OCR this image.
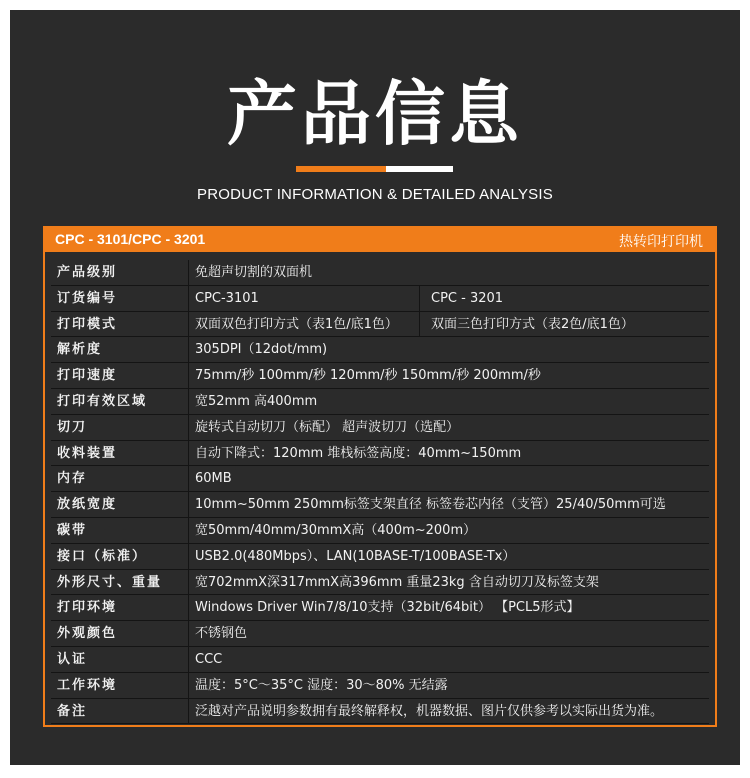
产品信息
PRODUCT INFORMATION & DETAILED ANALYSIS
CPC - 3101/CPC - 3201	热转印打印机
产品级别	免超声切割的双面机
订货编号	CPC-3101	CPC - 3201
打印模式	双面双色打印方式（表1色/底1色）	双面三色打印方式（表2色/底1色）
解析度	305DPI（12dot/mm)
打印速度	75mm/秒 100mm/秒 120mm/秒 150mm/秒 200mm/秒
打印有效区域	宽52mm 高400mm
切刀	旋转式自动切刀（标配） 超声波切刀（选配）
收料装置	自动下降式：120mm 堆栈标签高度：40mm~150mm
内存	60MB
放纸宽度	10mm~50mm 250mm标签支架直径 标签卷芯内径（支管）25/40/50mm可选
碳带	宽50mm/40mm/30mmX高（400m~200m）
接口（标准）	USB2.0(480Mbps）、LAN(10BASE-T/100BASE-Tx）
外形尺寸、重量	宽702mmX深317mmX高396mm 重量23kg 含自动切刀及标签支架
打印环境	Windows Driver Win7/8/10支持（32bit/64bit） 【PCL5形式】
外观颜色	不锈钢色
认证	CCC
工作环境	温度：5°C～35°C 湿度：30～80% 无结露
备注	泛越对产品说明参数拥有最终解释权，机器数据、图片仅供参考以实际出货为准。
